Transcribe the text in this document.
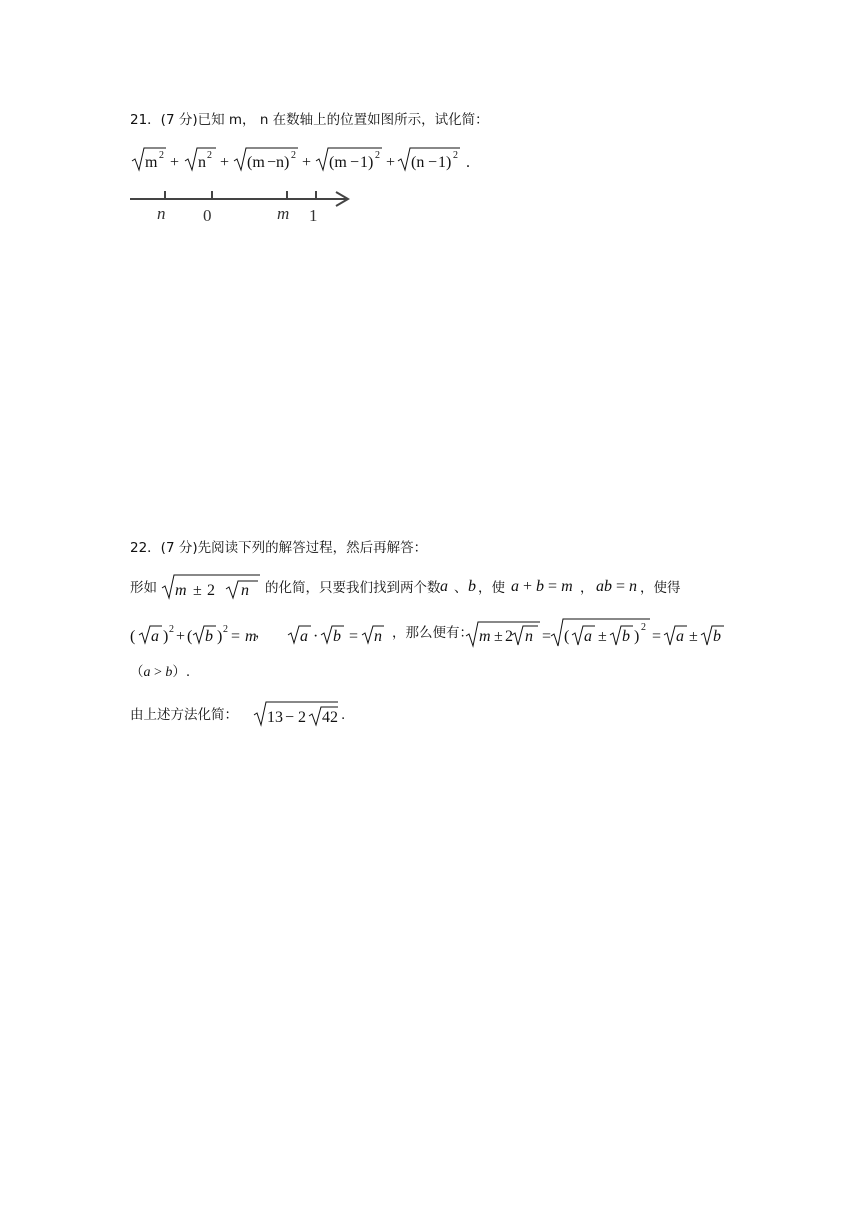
21．(7 分)已知 m， n 在数轴上的位置如图所示，试化简：
m 2 + n 2 + (m − n) 2 + (m − 1) 2 + (n − 1) 2 .
n 0	m 1
22．(7 分)先阅读下列的解答过程，然后再解答：
形如 m ± 2 n 的化简，只要我们找到两个数 a 、 b ，使 a + b = m ， ab = n ，使得
( a ) 2 + ( b ) 2 = m	a · b = n	m ± 2 n = ( a ± b )
2
= a ± b
，	，那么便有：
（a > b）.
由上述方法化简： 13 − 2 42 .
